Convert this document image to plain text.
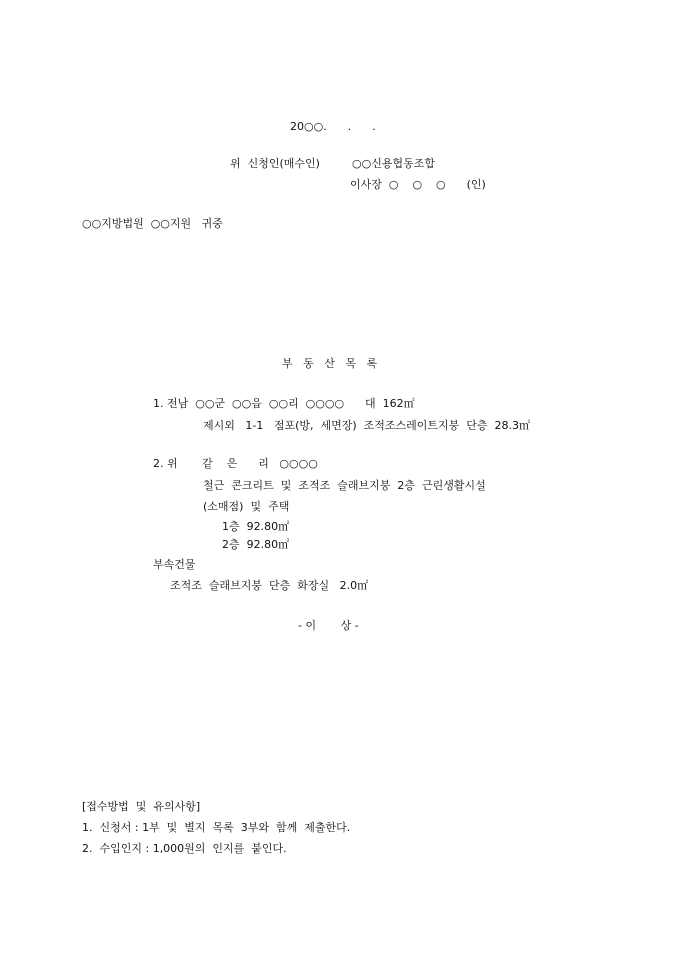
20○○.      .      .
위  신청인(매수인)	○○신용협동조합
이사장  ○    ○    ○      (인)
○○지방법원  ○○지원   귀중
부   동   산   목   록
1. 전남  ○○군  ○○읍  ○○리  ○○○○      대  162㎡
제시외   1-1   점포(방,  세면장)  조적조스레이트지붕  단층  28.3㎡
2. 위       같    은      리   ○○○○
철근  콘크리트  및  조적조  슬래브지붕  2층  근린생활시설
(소매점)  및  주택
1층  92.80㎡
2층  92.80㎡
부속건물
조적조  슬래브지붕  단층  화장실   2.0㎡
- 이       상 -
[접수방법  및  유의사항]
1.  신청서 : 1부  및  별지  목록  3부와  함께  제출한다.
2.  수입인지 : 1,000원의  인지를  붙인다.
